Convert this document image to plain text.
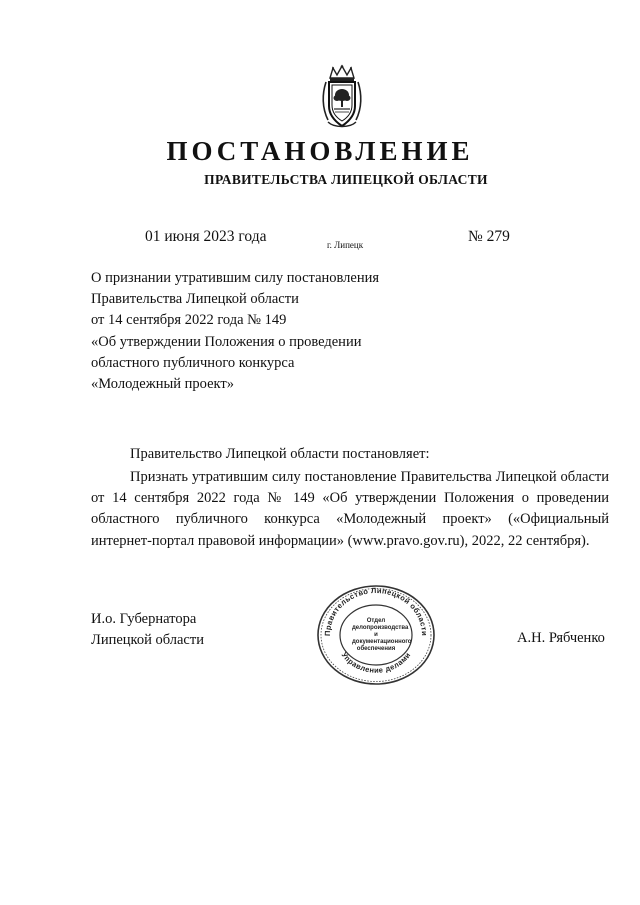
ПОСТАНОВЛЕНИЕ
ПРАВИТЕЛЬСТВА ЛИПЕЦКОЙ ОБЛАСТИ
01 июня 2023 года	г. Липецк	№ 279
О признании утратившим силу постановления
Правительства Липецкой области
от 14 сентября 2022 года № 149
«Об утверждении Положения о проведении
областного публичного конкурса
«Молодежный проект»
Правительство Липецкой области постановляет:
Признать утратившим силу постановление Правительства Липецкой области от 14 сентября 2022 года № 149 «Об утверждении Положения о проведении областного публичного конкурса «Молодежный проект» («Официальный интернет-портал правовой информации» (www.pravo.gov.ru), 2022, 22 сентября).
И.о. Губернатора
Липецкой области	Правительство Липецкой области
Управление делами
Отдел
делопроизводства и
документационного
обеспечения
А.Н. Рябченко
